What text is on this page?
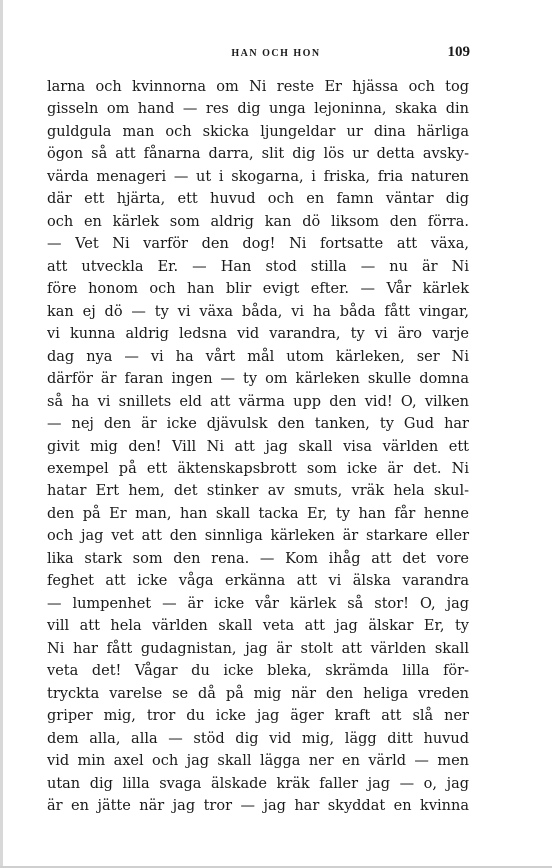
HAN OCH HON	109
larna och kvinnorna om Ni reste Er hjässa och tog
gisseln om hand — res dig unga lejoninna, skaka din
guldgula man och skicka ljungeldar ur dina härliga
ögon så att fånarna darra, slit dig lös ur detta avsky-
värda menageri — ut i skogarna, i friska, fria naturen
där ett hjärta, ett huvud och en famn väntar dig
och en kärlek som aldrig kan dö liksom den förra.
— Vet Ni varför den dog! Ni fortsatte att växa,
att utveckla Er. — Han stod stilla — nu är Ni
före honom och han blir evigt efter. — Vår kärlek
kan ej dö — ty vi växa båda, vi ha båda fått vingar,
vi kunna aldrig ledsna vid varandra, ty vi äro varje
dag nya — vi ha vårt mål utom kärleken, ser Ni
därför är faran ingen — ty om kärleken skulle domna
så ha vi snillets eld att värma upp den vid! O, vilken
— nej den är icke djävulsk den tanken, ty Gud har
givit mig den! Vill Ni att jag skall visa världen ett
exempel på ett äktenskapsbrott som icke är det. Ni
hatar Ert hem, det stinker av smuts, vräk hela skul-
den på Er man, han skall tacka Er, ty han får henne
och jag vet att den sinnliga kärleken är starkare eller
lika stark som den rena. — Kom ihåg att det vore
feghet att icke våga erkänna att vi älska varandra
— lumpenhet — är icke vår kärlek så stor! O, jag
vill att hela världen skall veta att jag älskar Er, ty
Ni har fått gudagnistan, jag är stolt att världen skall
veta det! Vågar du icke bleka, skrämda lilla för-
tryckta varelse se då på mig när den heliga vreden
griper mig, tror du icke jag äger kraft att slå ner
dem alla, alla — stöd dig vid mig, lägg ditt huvud
vid min axel och jag skall lägga ner en värld — men
utan dig lilla svaga älskade kräk faller jag — o, jag
är en jätte när jag tror — jag har skyddat en kvinna
